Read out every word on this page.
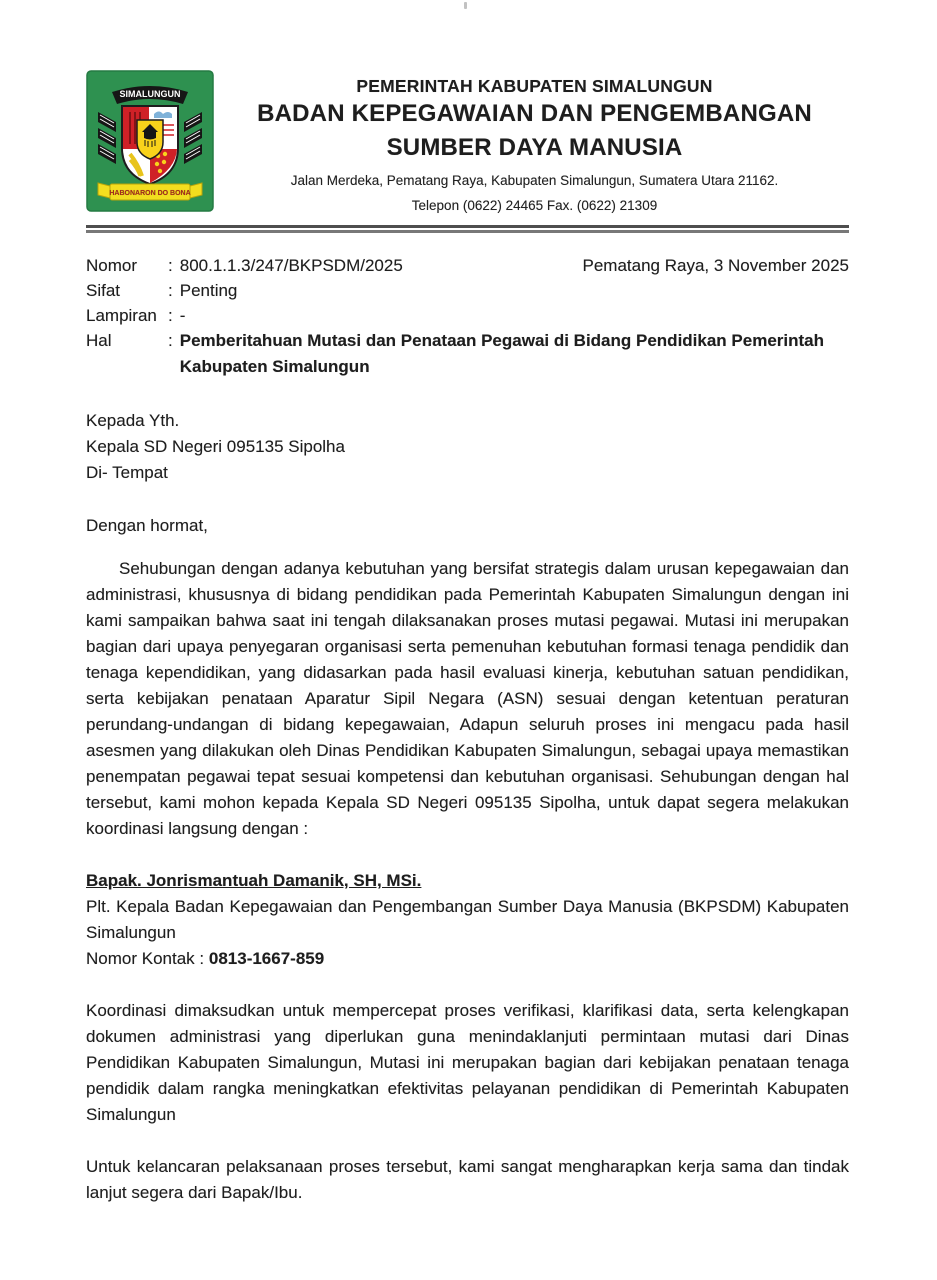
SIMALUNGUN
HABONARON DO BONA
PEMERINTAH KABUPATEN SIMALUNGUN
BADAN KEPEGAWAIAN DAN PENGEMBANGAN
SUMBER DAYA MANUSIA
Jalan Merdeka, Pematang Raya, Kabupaten Simalungun, Sumatera Utara 21162.
Telepon (0622) 24465 Fax. (0622) 21309
Nomor	: 800.1.1.3/247/BKPSDM/2025	Pematang Raya, 3 November 2025
Sifat	: Penting
Lampiran : -
Hal	: Pemberitahuan Mutasi dan Penataan Pegawai di Bidang Pendidikan Pemerintah Kabupaten Simalungun
Kepada Yth.
Kepala SD Negeri 095135 Sipolha
Di- Tempat
Dengan hormat,
Sehubungan dengan adanya kebutuhan yang bersifat strategis dalam urusan kepegawaian dan administrasi, khususnya di bidang pendidikan pada Pemerintah Kabupaten Simalungun dengan ini kami sampaikan bahwa saat ini tengah dilaksanakan proses mutasi pegawai. Mutasi ini merupakan bagian dari upaya penyegaran organisasi serta pemenuhan kebutuhan formasi tenaga pendidik dan tenaga kependidikan, yang didasarkan pada hasil evaluasi kinerja, kebutuhan satuan pendidikan, serta kebijakan penataan Aparatur Sipil Negara (ASN) sesuai dengan ketentuan peraturan perundang-undangan di bidang kepegawaian, Adapun seluruh proses ini mengacu pada hasil asesmen yang dilakukan oleh Dinas Pendidikan Kabupaten Simalungun, sebagai upaya memastikan penempatan pegawai tepat sesuai kompetensi dan kebutuhan organisasi. Sehubungan dengan hal tersebut, kami mohon kepada Kepala SD Negeri 095135 Sipolha, untuk dapat segera melakukan koordinasi langsung dengan :
Bapak. Jonrismantuah Damanik, SH, MSi.
Plt. Kepala Badan Kepegawaian dan Pengembangan Sumber Daya Manusia (BKPSDM) Kabupaten Simalungun
Nomor Kontak : 0813-1667-859
Koordinasi dimaksudkan untuk mempercepat proses verifikasi, klarifikasi data, serta kelengkapan dokumen administrasi yang diperlukan guna menindaklanjuti permintaan mutasi dari Dinas Pendidikan Kabupaten Simalungun, Mutasi ini merupakan bagian dari kebijakan penataan tenaga pendidik dalam rangka meningkatkan efektivitas pelayanan pendidikan di Pemerintah Kabupaten Simalungun
Untuk kelancaran pelaksanaan proses tersebut, kami sangat mengharapkan kerja sama dan tindak lanjut segera dari Bapak/Ibu.
